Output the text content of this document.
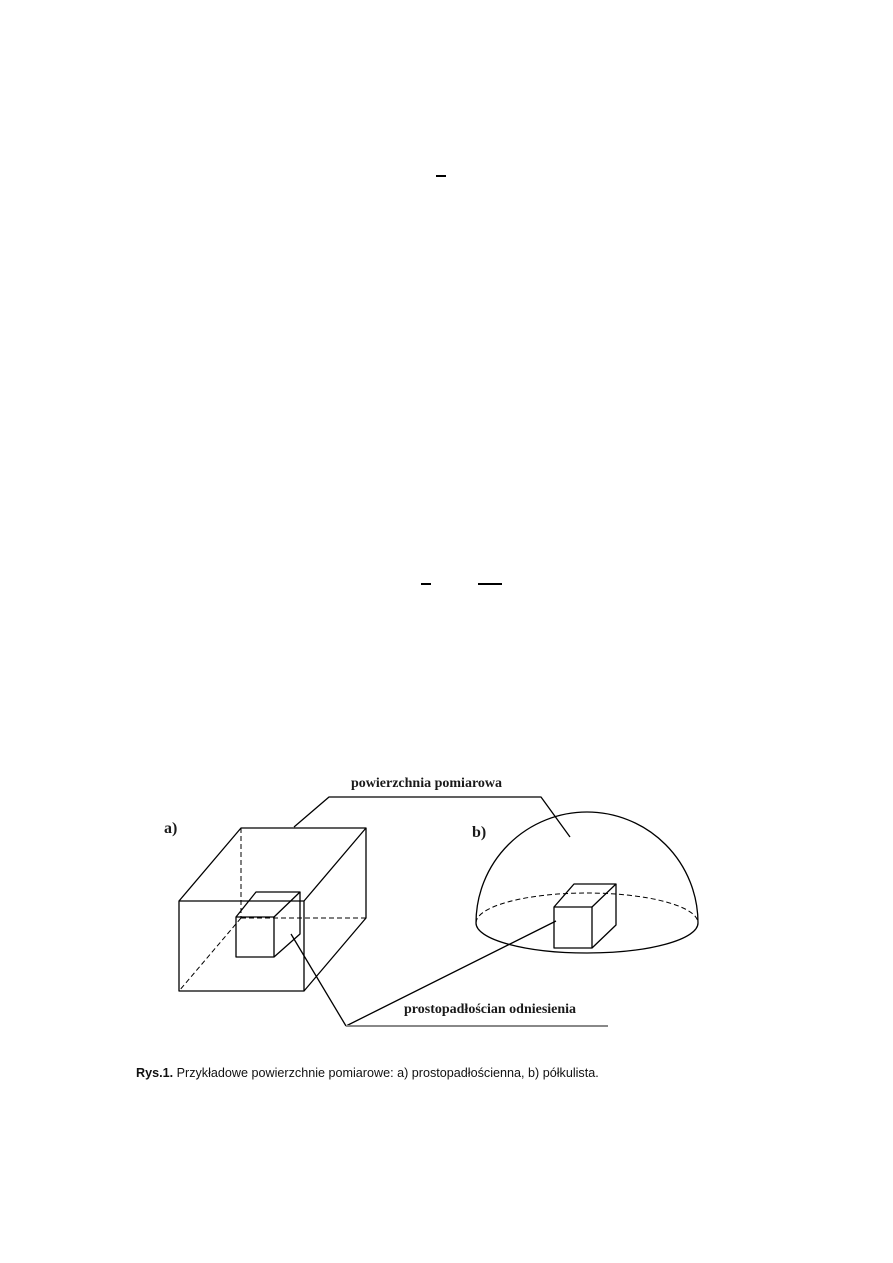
powierzchnia pomiarowa
a)	b)
prostopadłościan odniesienia
Rys.1. Przykładowe powierzchnie pomiarowe: a) prostopadłościenna, b) półkulista.
